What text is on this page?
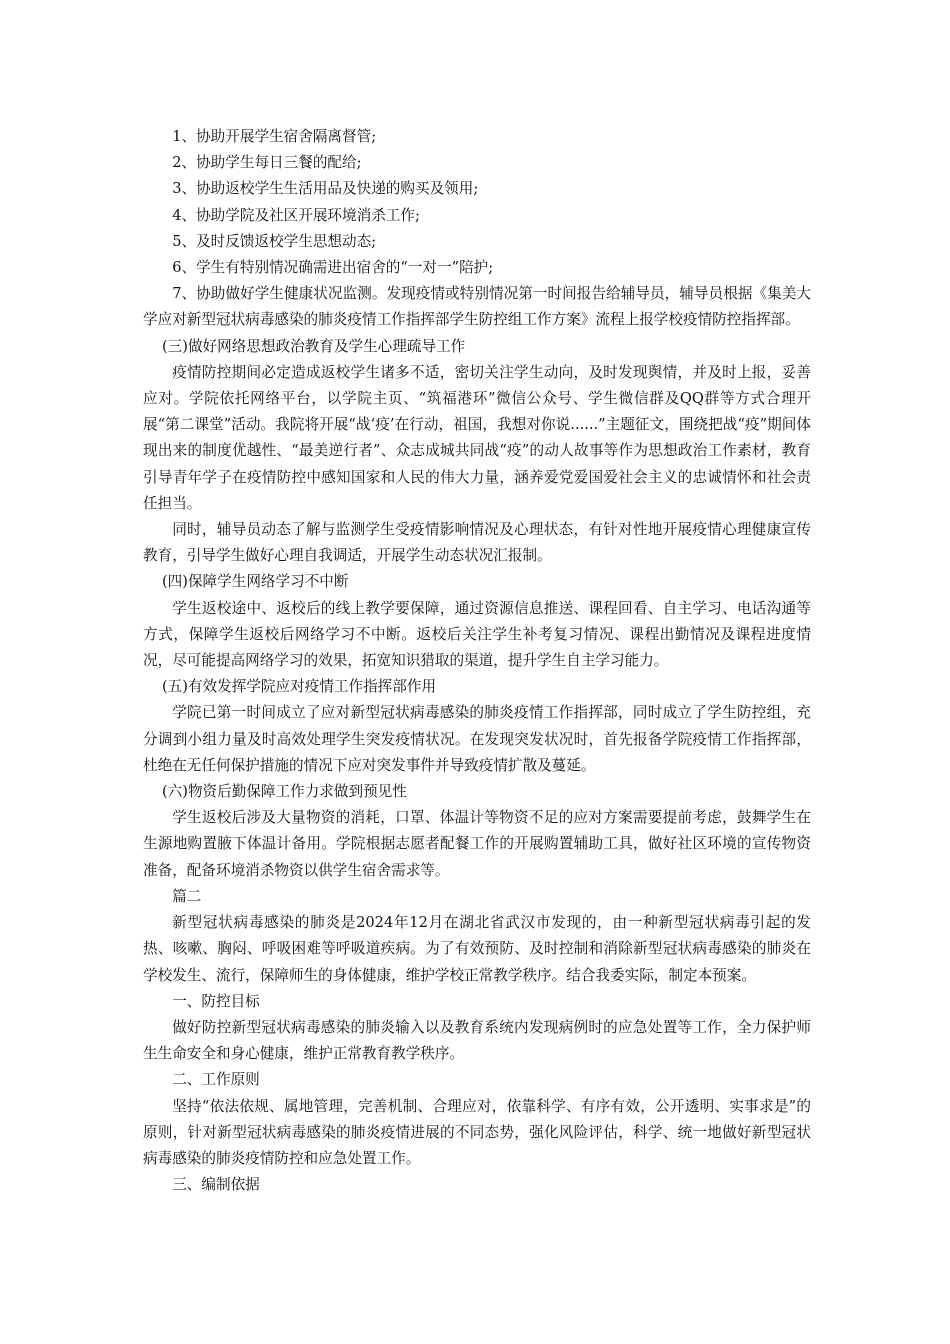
1、协助开展学生宿舍隔离督管;

2、协助学生每日三餐的配给;

3、协助返校学生生活用品及快递的购买及领用;

4、协助学院及社区开展环境消杀工作;

5、及时反馈返校学生思想动态;

6、学生有特别情况确需进出宿舍的“一对一”陪护;

7、协助做好学生健康状况监测。发现疫情或特别情况第一时间报告给辅导员，辅导员根据《集美大学应对新型冠状病毒感染的肺炎疫情工作指挥部学生防控组工作方案》流程上报学校疫情防控指挥部。

(三)做好网络思想政治教育及学生心理疏导工作

疫情防控期间必定造成返校学生诸多不适，密切关注学生动向，及时发现舆情，并及时上报，妥善应对。学院依托网络平台，以学院主页、“筑福港环”微信公众号、学生微信群及QQ群等方式合理开展“第二课堂”活动。我院将开展“战‘疫’在行动，祖国，我想对你说......”主题征文，围绕把战“疫”期间体现出来的制度优越性、“最美逆行者”、众志成城共同战“疫”的动人故事等作为思想政治工作素材，教育引导青年学子在疫情防控中感知国家和人民的伟大力量，涵养爱党爱国爱社会主义的忠诚情怀和社会责任担当。

同时，辅导员动态了解与监测学生受疫情影响情况及心理状态，有针对性地开展疫情心理健康宣传教育，引导学生做好心理自我调适，开展学生动态状况汇报制。

(四)保障学生网络学习不中断

学生返校途中、返校后的线上教学要保障，通过资源信息推送、课程回看、自主学习、电话沟通等方式，保障学生返校后网络学习不中断。返校后关注学生补考复习情况、课程出勤情况及课程进度情况，尽可能提高网络学习的效果，拓宽知识猎取的渠道，提升学生自主学习能力。

(五)有效发挥学院应对疫情工作指挥部作用

学院已第一时间成立了应对新型冠状病毒感染的肺炎疫情工作指挥部，同时成立了学生防控组，充分调到小组力量及时高效处理学生突发疫情状况。在发现突发状况时，首先报备学院疫情工作指挥部，杜绝在无任何保护措施的情况下应对突发事件并导致疫情扩散及蔓延。

(六)物资后勤保障工作力求做到预见性

学生返校后涉及大量物资的消耗，口罩、体温计等物资不足的应对方案需要提前考虑，鼓舞学生在生源地购置腋下体温计备用。学院根据志愿者配餐工作的开展购置辅助工具，做好社区环境的宣传物资准备，配备环境消杀物资以供学生宿舍需求等。

篇二

新型冠状病毒感染的肺炎是2024年12月在湖北省武汉市发现的，由一种新型冠状病毒引起的发热、咳嗽、胸闷、呼吸困难等呼吸道疾病。为了有效预防、及时控制和消除新型冠状病毒感染的肺炎在学校发生、流行，保障师生的身体健康，维护学校正常教学秩序。结合我委实际，制定本预案。

一、防控目标

做好防控新型冠状病毒感染的肺炎输入以及教育系统内发现病例时的应急处置等工作，全力保护师生生命安全和身心健康，维护正常教育教学秩序。

二、工作原则

坚持“依法依规、属地管理，完善机制、合理应对，依靠科学、有序有效，公开透明、实事求是”的原则，针对新型冠状病毒感染的肺炎疫情进展的不同态势，强化风险评估，科学、统一地做好新型冠状病毒感染的肺炎疫情防控和应急处置工作。

三、编制依据
